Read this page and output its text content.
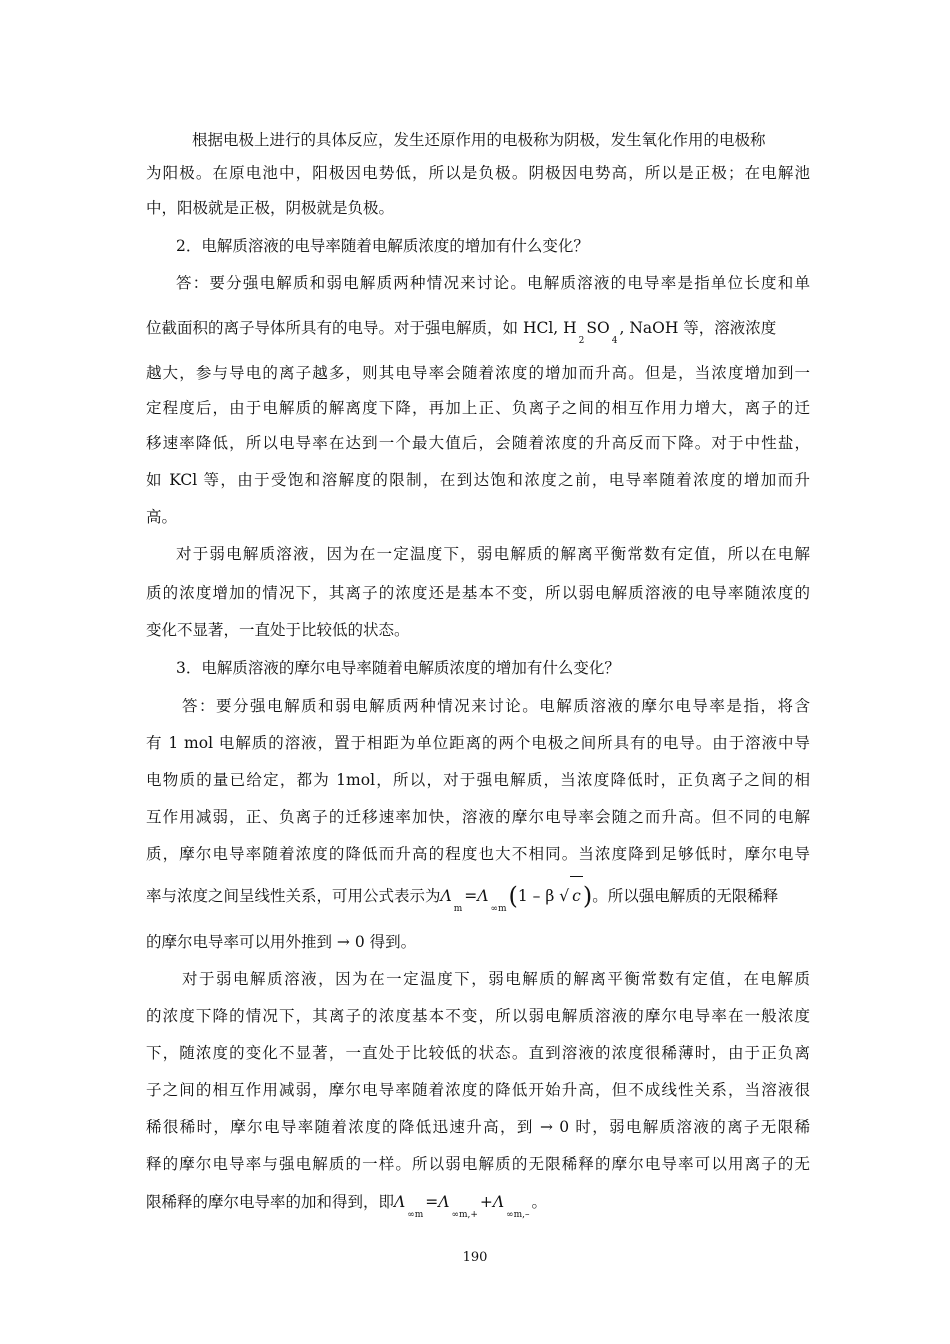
根据电极上进行的具体反应，发生还原作用的电极称为阴极，发生氧化作用的电极称
为阳极。在原电池中，阳极因电势低，所以是负极。阴极因电势高，所以是正极；在电解池
中，阳极就是正极，阴极就是负极。
2．电解质溶液的电导率随着电解质浓度的增加有什么变化？
答：要分强电解质和弱电解质两种情况来讨论。电解质溶液的电导率是指单位长度和单
位截面积的离子导体所具有的电导。对于强电解质，如 HCl, $H_2SO_4$, NaOH 等，溶液浓度
越大，参与导电的离子越多，则其电导率会随着浓度的增加而升高。但是，当浓度增加到一
定程度后，由于电解质的解离度下降，再加上正、负离子之间的相互作用力增大，离子的迁
移速率降低，所以电导率在达到一个最大值后，会随着浓度的升高反而下降。对于中性盐，
如 KCl 等，由于受饱和溶解度的限制，在到达饱和浓度之前，电导率随着浓度的增加而升
高。
对于弱电解质溶液，因为在一定温度下，弱电解质的解离平衡常数有定值，所以在电解
质的浓度增加的情况下，其离子的浓度还是基本不变，所以弱电解质溶液的电导率随浓度的
变化不显著，一直处于比较低的状态。
3．电解质溶液的摩尔电导率随着电解质浓度的增加有什么变化？
答：要分强电解质和弱电解质两种情况来讨论。电解质溶液的摩尔电导率是指，将含
有 1 mol 电解质的溶液，置于相距为单位距离的两个电极之间所具有的电导。由于溶液中导
电物质的量已给定，都为 1mol，所以，对于强电解质，当浓度降低时，正负离子之间的相
互作用减弱，正、负离子的迁移速率加快，溶液的摩尔电导率会随之而升高。但不同的电解
质，摩尔电导率随着浓度的降低而升高的程度也大不相同。当浓度降到足够低时，摩尔电导
率与浓度之间呈线性关系，可用公式表示为$\Lambda_m=\Lambda_{\infty m}(1 - \beta$ √ c)。所以强电解质的无限稀释
的摩尔电导率可以用外推到 → 0 得到。
对于弱电解质溶液，因为在一定温度下，弱电解质的解离平衡常数有定值，在电解质
的浓度下降的情况下，其离子的浓度基本不变，所以弱电解质溶液的摩尔电导率在一般浓度
下，随浓度的变化不显著，一直处于比较低的状态。直到溶液的浓度很稀薄时，由于正负离
子之间的相互作用减弱，摩尔电导率随着浓度的降低开始升高，但不成线性关系，当溶液很
稀很稀时，摩尔电导率随着浓度的降低迅速升高，到 → 0 时，弱电解质溶液的离子无限稀
释的摩尔电导率与强电解质的一样。所以弱电解质的无限稀释的摩尔电导率可以用离子的无
限稀释的摩尔电导率的加和得到，即$\Lambda_{\infty m}=\Lambda_{\infty m,+}+\Lambda_{\infty m,-}$。
190
